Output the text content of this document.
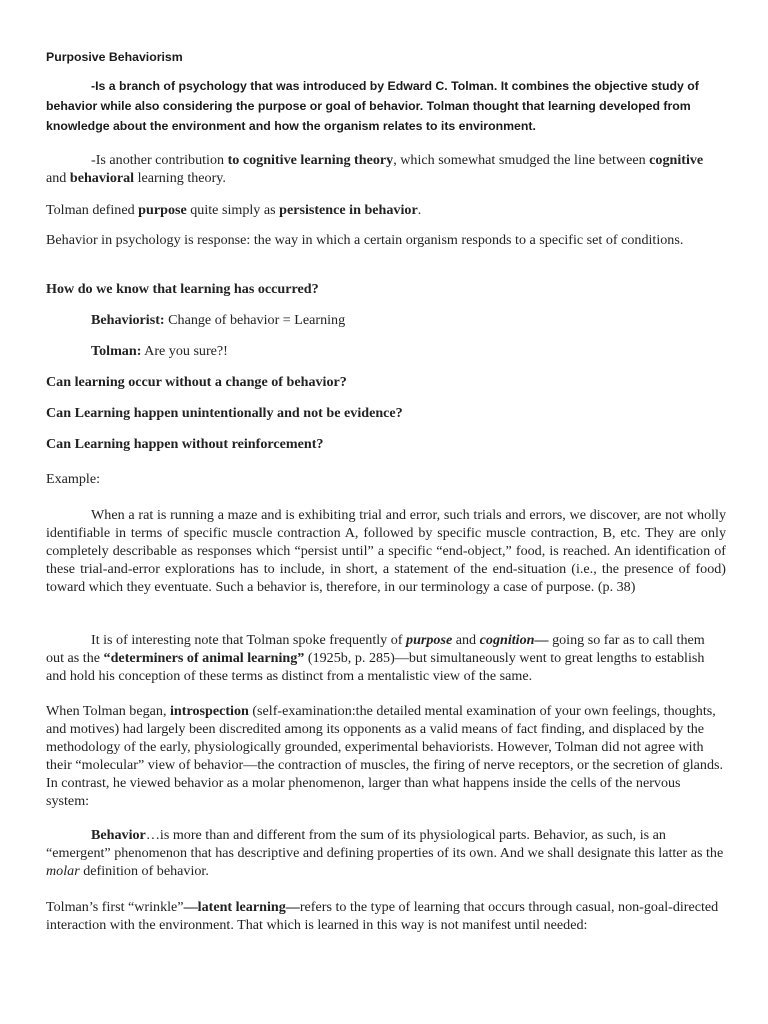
Purposive Behaviorism

-Is a branch of psychology that was introduced by Edward C. Tolman. It combines the objective study of behavior while also considering the purpose or goal of behavior. Tolman thought that learning developed from knowledge about the environment and how the organism relates to its environment.

-Is another contribution to cognitive learning theory, which somewhat smudged the line between cognitive and behavioral learning theory.

Tolman defined purpose quite simply as persistence in behavior.

Behavior in psychology is response: the way in which a certain organism responds to a specific set of conditions.

How do we know that learning has occurred?

Behaviorist: Change of behavior = Learning

Tolman: Are you sure?!

Can learning occur without a change of behavior?

Can Learning happen unintentionally and not be evidence?

Can Learning happen without reinforcement?

Example:

When a rat is running a maze and is exhibiting trial and error, such trials and errors, we discover, are not wholly identifiable in terms of specific muscle contraction A, followed by specific muscle contraction, B, etc. They are only completely describable as responses which “persist until” a specific “end-object,” food, is reached. An identification of these trial-and-error explorations has to include, in short, a statement of the end-situation (i.e., the presence of food) toward which they eventuate. Such a behavior is, therefore, in our terminology a case of purpose. (p. 38)

It is of interesting note that Tolman spoke frequently of purpose and cognition— going so far as to call them out as the “determiners of animal learning” (1925b, p. 285)—but simultaneously went to great lengths to establish and hold his conception of these terms as distinct from a mentalistic view of the same.

When Tolman began, introspection (self-examination:the detailed mental examination of your own feelings, thoughts, and motives) had largely been discredited among its opponents as a valid means of fact finding, and displaced by the methodology of the early, physiologically grounded, experimental behaviorists. However, Tolman did not agree with their “molecular” view of behavior—the contraction of muscles, the firing of nerve receptors, or the secretion of glands. In contrast, he viewed behavior as a molar phenomenon, larger than what happens inside the cells of the nervous system:

Behavior…is more than and different from the sum of its physiological parts. Behavior, as such, is an “emergent” phenomenon that has descriptive and defining properties of its own. And we shall designate this latter as the molar definition of behavior.

Tolman’s first “wrinkle”—latent learning—refers to the type of learning that occurs through casual, non-goal-directed interaction with the environment. That which is learned in this way is not manifest until needed:
